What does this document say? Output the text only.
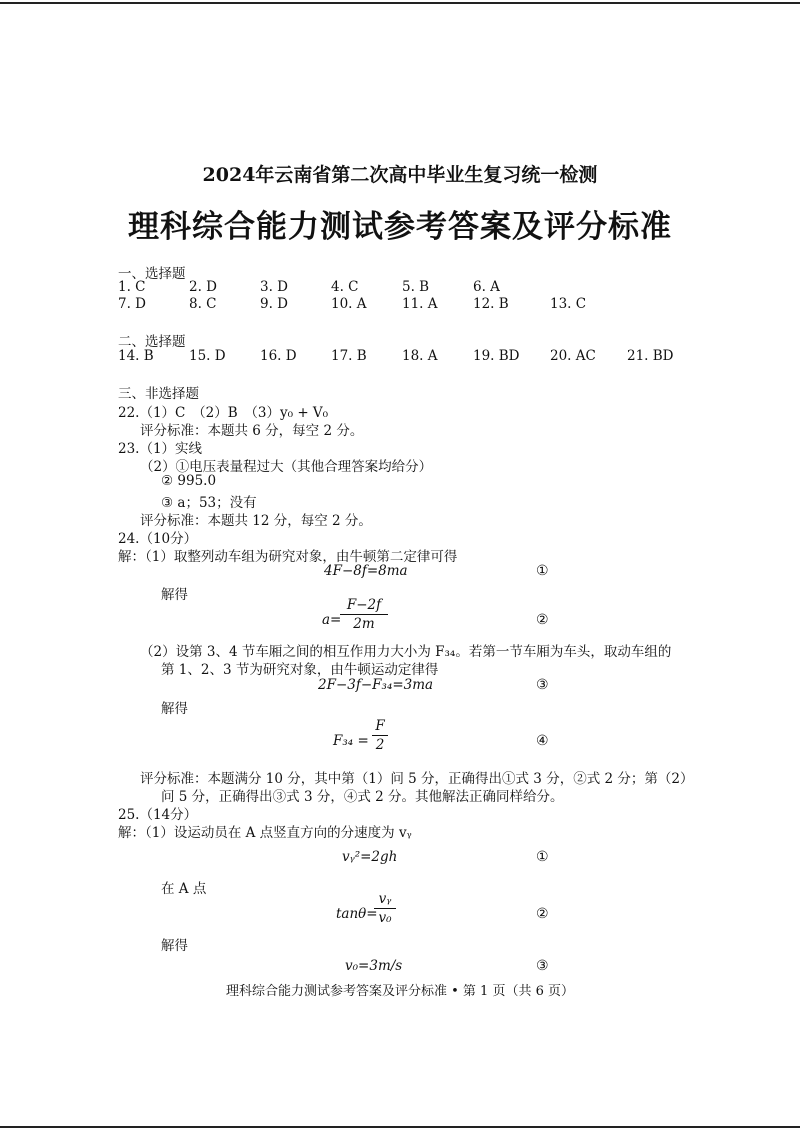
2024年云南省第二次高中毕业生复习统一检测
理科综合能力测试参考答案及评分标准
一、选择题
1. C	2. D	3. D	4. C	5. B	6. A
7. D	8. C	9. D	10. A	11. A	12. B	13. C
二、选择题
14. B	15. D	16. D	17. B	18. A	19. BD 20. AC 21. BD
三、非选择题
22.（1）C　（2）B　（3）y₀ + V₀
评分标准：本题共 6 分，每空 2 分。
23.（1）实线
（2）①电压表量程过大（其他合理答案均给分）
② 995.0
③ a；53；没有
评分标准：本题共 12 分，每空 2 分。
24.（10分）
解：（1）取整列动车组为研究对象，由牛顿第二定律可得
4F−8f=8ma	①
解得
a=
F−2f
2m	②
（2）设第 3、4 节车厢之间的相互作用力大小为 F₃₄。若第一节车厢为车头，取动车组的
第 1、2、3 节为研究对象，由牛顿运动定律得
2F−3f−F₃₄=3ma	③
解得
F₃₄ =
F
2	④
评分标准：本题满分 10 分，其中第（1）问 5 分，正确得出①式 3 分，②式 2 分；第（2）
问 5 分，正确得出③式 3 分，④式 2 分。其他解法正确同样给分。
25.（14分）
解：（1）设运动员在 A 点竖直方向的分速度为 vᵧ
vᵧ²=2gh	①
在 A 点
tanθ=
vᵧ
v₀	②
解得
v₀=3m/s	③
理科综合能力测试参考答案及评分标准 • 第 1 页（共 6 页）
